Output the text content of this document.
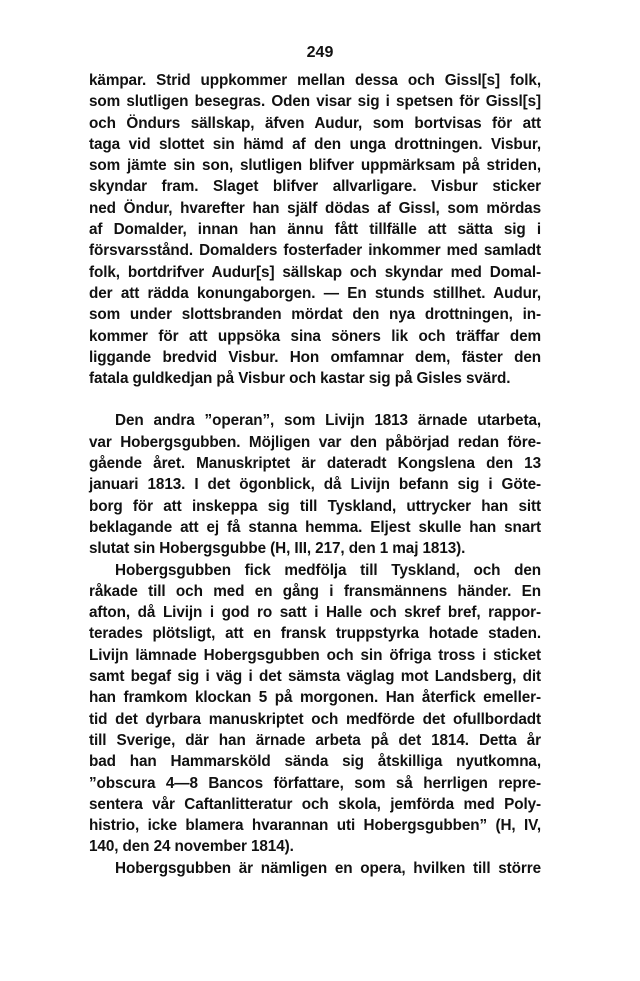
249
kämpar. Strid uppkommer mellan dessa och Gissl[s] folk,
som slutligen besegras. Oden visar sig i spetsen för Gissl[s]
och Öndurs sällskap, äfven Audur, som bortvisas för att
taga vid slottet sin hämd af den unga drottningen. Visbur,
som jämte sin son, slutligen blifver uppmärksam på striden,
skyndar fram. Slaget blifver allvarligare. Visbur sticker
ned Öndur, hvarefter han själf dödas af Gissl, som mördas
af Domalder, innan han ännu fått tillfälle att sätta sig i
försvarsstånd. Domalders fosterfader inkommer med samladt
folk, bortdrifver Audur[s] sällskap och skyndar med Domal-
der att rädda konungaborgen. — En stunds stillhet. Audur,
som under slottsbranden mördat den nya drottningen, in-
kommer för att uppsöka sina söners lik och träffar dem
liggande bredvid Visbur. Hon omfamnar dem, fäster den
fatala guldkedjan på Visbur och kastar sig på Gisles svärd.
Den andra ”operan”, som Livijn 1813 ärnade utarbeta,
var Hobergsgubben. Möjligen var den påbörjad redan före-
gående året. Manuskriptet är dateradt Kongslena den 13
januari 1813. I det ögonblick, då Livijn befann sig i Göte-
borg för att inskeppa sig till Tyskland, uttrycker han sitt
beklagande att ej få stanna hemma. Eljest skulle han snart
slutat sin Hobergsgubbe (H, III, 217, den 1 maj 1813).
Hobergsgubben fick medfölja till Tyskland, och den
råkade till och med en gång i fransmännens händer. En
afton, då Livijn i god ro satt i Halle och skref bref, rappor-
terades plötsligt, att en fransk truppstyrka hotade staden.
Livijn lämnade Hobergsgubben och sin öfriga tross i sticket
samt begaf sig i väg i det sämsta väglag mot Landsberg, dit
han framkom klockan 5 på morgonen. Han återfick emeller-
tid det dyrbara manuskriptet och medförde det ofullbordadt
till Sverige, där han ärnade arbeta på det 1814. Detta år
bad han Hammarsköld sända sig åtskilliga nyutkomna,
”obscura 4—8 Bancos författare, som så herrligen repre-
sentera vår Caftanlitteratur och skola, jemförda med Poly-
histrio, icke blamera hvarannan uti Hobergsgubben” (H, IV,
140, den 24 november 1814).
Hobergsgubben är nämligen en opera, hvilken till större
